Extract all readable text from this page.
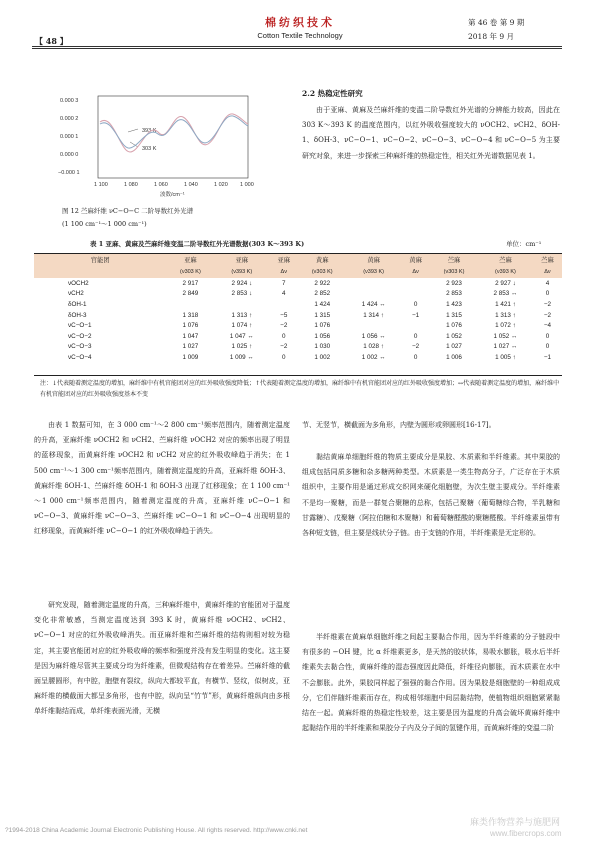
棉纺织技术
Cotton Textile Technology
【 48 】
第 46 卷 第 9 期
2018 年 9 月
0.000 3
0.000 2
0.000 1
0.000 0
−0.000 1
1 100	1 080	1 060	1 040	1 020 1 000
波数/cm⁻¹
393 K
303 K
图 12 苎麻纤维 νC−O−C 二阶导数红外光谱
(1 100 cm⁻¹～1 000 cm⁻¹)
2.2 热稳定性研究
由于亚麻、黄麻及苎麻纤维的变温二阶导数红外光谱的分辨能力较高，因此在 303 K～393 K 的温度范围内，以红外吸收强度较大的 νOCH2、νCH2、δOH-1、δOH-3、νC−O−1、νC−O−2、νC−O−3、νC−O−4 和 νC−O−5 为主要研究对象，来进一步探索三种麻纤维的热稳定性，相关红外光谱数据见表 1。
表 1 亚麻、黄麻及苎麻纤维变温二阶导数红外光谱数据(303 K～393 K)	单位：cm⁻¹
官能团	亚麻	亚麻	亚麻	黄麻	黄麻	黄麻	苎麻	苎麻	苎麻
	(ν303 K)	(ν393 K)	Δν	(ν303 K)	(ν393 K)	Δν	(ν303 K)	(ν393 K)	Δν
νOCH2	2 917	2 924 ↓	7	2 922			2 923	2 927 ↓	4
νCH2	2 849	2 853 ↓	4	2 852			2 853	2 853 ↔	0
δOH-1				1 424	1 424 ↔	0	1 423	1 421 ↑	−2
δOH-3	1 318	1 313 ↑	−5	1 315	1 314 ↑	−1	1 315	1 313 ↑	−2
νC−O−1	1 076	1 074 ↑	−2	1 076			1 076	1 072 ↑	−4
νC−O−2	1 047	1 047 ↔	0	1 056	1 056 ↔	0	1 052	1 052 ↔	0
νC−O−3	1 027	1 025 ↑	−2	1 030	1 028 ↑	−2	1 027	1 027 ↔	0
νC−O−4	1 009	1 009 ↔	0	1 002	1 002 ↔	0	1 006	1 005 ↑	−1
注：↓代表随着测定温度的增加，麻纤维中有机官能团对应的红外吸收强度降低；↑代表随着测定温度的增加，麻纤维中有机官能团对应的红外吸收强度增加；↔代表随着测定温度的增加，麻纤维中有机官能团对应的红外吸收强度基本不变
由表 1 数据可知，在 3 000 cm⁻¹～2 800 cm⁻¹频率范围内，随着测定温度的升高，亚麻纤维 νOCH2 和 νCH2、苎麻纤维 νOCH2 对应的频率出现了明显的蓝移现象，而黄麻纤维 νOCH2 和 νCH2 对应的红外吸收峰趋于消失；在 1 500 cm⁻¹～1 300 cm⁻¹频率范围内，随着测定温度的升高，亚麻纤维 δOH-3、黄麻纤维 δOH-1、苎麻纤维 δOH-1 和 δOH-3 出现了红移现象；在 1 100 cm⁻¹～1 000 cm⁻¹频率范围内，随着测定温度的升高，亚麻纤维 νC−O−1 和 νC−O−3、黄麻纤维 νC−O−3、苎麻纤维 νC−O−1 和 νC−O−4 出现明显的红移现象，而黄麻纤维 νC−O−1 的红外吸收峰趋于消失。
研究发现，随着测定温度的升高，三种麻纤维中，黄麻纤维的官能团对于温度变化非常敏感，当测定温度达到 393 K 时，黄麻纤维 νOCH2、νCH2、νC−O−1 对应的红外吸收峰消失。而亚麻纤维和苎麻纤维的结构则相对较为稳定，其主要官能团对应的红外吸收峰的频率和强度并没有发生明显的变化。这主要是因为麻纤维尽管其主要成分均为纤维素，但微观结构存在着差异。苎麻纤维的截面呈腰圆形，有中腔，胞壁有裂纹，纵向大都较平直，有横节、竖纹，似树皮，亚麻纤维的横截面大都呈多角形，也有中腔，纵向呈“竹节”形，黄麻纤维纵向由多根单纤维黏结而成，单纤维表面光滑，无横
节、无竖节，横截面为多角形，内壁为圆形或卵圆形[16-17]。
黏结黄麻单细胞纤维的物质主要成分是果胶、木质素和半纤维素。其中果胶的组成包括同质多糖和杂多糖两种类型。木质素是一类生物高分子，广泛存在于木质组织中，主要作用是通过形成交织网来硬化细胞壁，为次生壁主要成分。半纤维素不是均一聚糖，而是一群复合聚糖的总称，包括己聚糖（葡萄糖综合物，半乳糖和甘露糖）、戊聚糖（阿拉伯糖和木聚糖）和葡萄糖醛酸的聚糖醛酸。半纤维素虽带有各种短支链，但主要是线状分子链。由于支链的作用，半纤维素是无定形的。
半纤维素在黄麻单细胞纤维之间起主要黏合作用，因为半纤维素的分子链段中有很多的 −OH 键，比 α 纤维素更多，是天然的胶状体，易吸水膨胀，吸水后半纤维素失去黏合性，黄麻纤维的湿态强度因此降低，纤维径向膨胀，而木质素在水中不会膨胀。此外，果胶同样起了强强的黏合作用。因为果胶是细胞壁的一种组成成分，它们伴随纤维素而存在，构成相邻细胞中间层黏结物，使植物组织细胞紧紧黏结在一起。黄麻纤维的热稳定性较差，这主要是因为温度的升高会破坏黄麻纤维中起黏结作用的半纤维素和果胶分子内及分子间的氢键作用，而黄麻纤维的变温二阶
麻类作物营养与施肥网
?1994-2018 China Academic Journal Electronic Publishing House. All rights reserved. http://www.cnki.net	www.fibercrops.com
